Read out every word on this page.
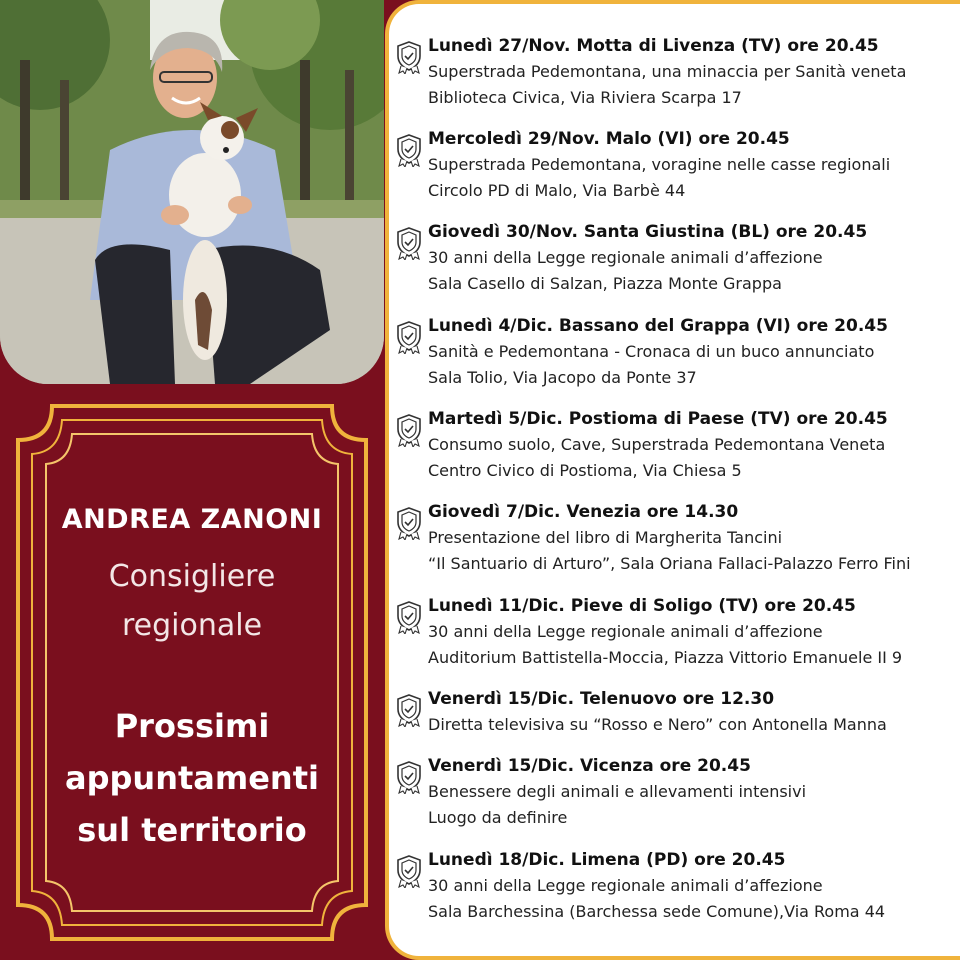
ANDREA ZANONI
Consigliere
regionale
Prossimi
appuntamenti
sul territorio
Lunedì 27/Nov. Motta di Livenza (TV) ore 20.45
Superstrada Pedemontana, una minaccia per Sanità veneta
Biblioteca Civica, Via Riviera Scarpa 17
Mercoledì 29/Nov. Malo (VI) ore 20.45
Superstrada Pedemontana, voragine nelle casse regionali
Circolo PD di Malo, Via Barbè 44
Giovedì 30/Nov. Santa Giustina (BL) ore 20.45
30 anni della Legge regionale animali d’affezione
Sala Casello di Salzan, Piazza Monte Grappa
Lunedì 4/Dic. Bassano del Grappa (VI) ore 20.45
Sanità e Pedemontana - Cronaca di un buco annunciato
Sala Tolio, Via Jacopo da Ponte 37
Martedì 5/Dic. Postioma di Paese (TV) ore 20.45
Consumo suolo, Cave, Superstrada Pedemontana Veneta
Centro Civico di Postioma, Via Chiesa 5
Giovedì 7/Dic. Venezia ore 14.30
Presentazione del libro di Margherita Tancini
“Il Santuario di Arturo”, Sala Oriana Fallaci-Palazzo Ferro Fini
Lunedì 11/Dic. Pieve di Soligo (TV) ore 20.45
30 anni della Legge regionale animali d’affezione
Auditorium Battistella-Moccia, Piazza Vittorio Emanuele II 9
Venerdì 15/Dic. Telenuovo ore 12.30
Diretta televisiva su “Rosso e Nero” con Antonella Manna
Venerdì 15/Dic. Vicenza ore 20.45
Benessere degli animali e allevamenti intensivi
Luogo da definire
Lunedì 18/Dic. Limena (PD) ore 20.45
30 anni della Legge regionale animali d’affezione
Sala Barchessina (Barchessa sede Comune),Via Roma 44
